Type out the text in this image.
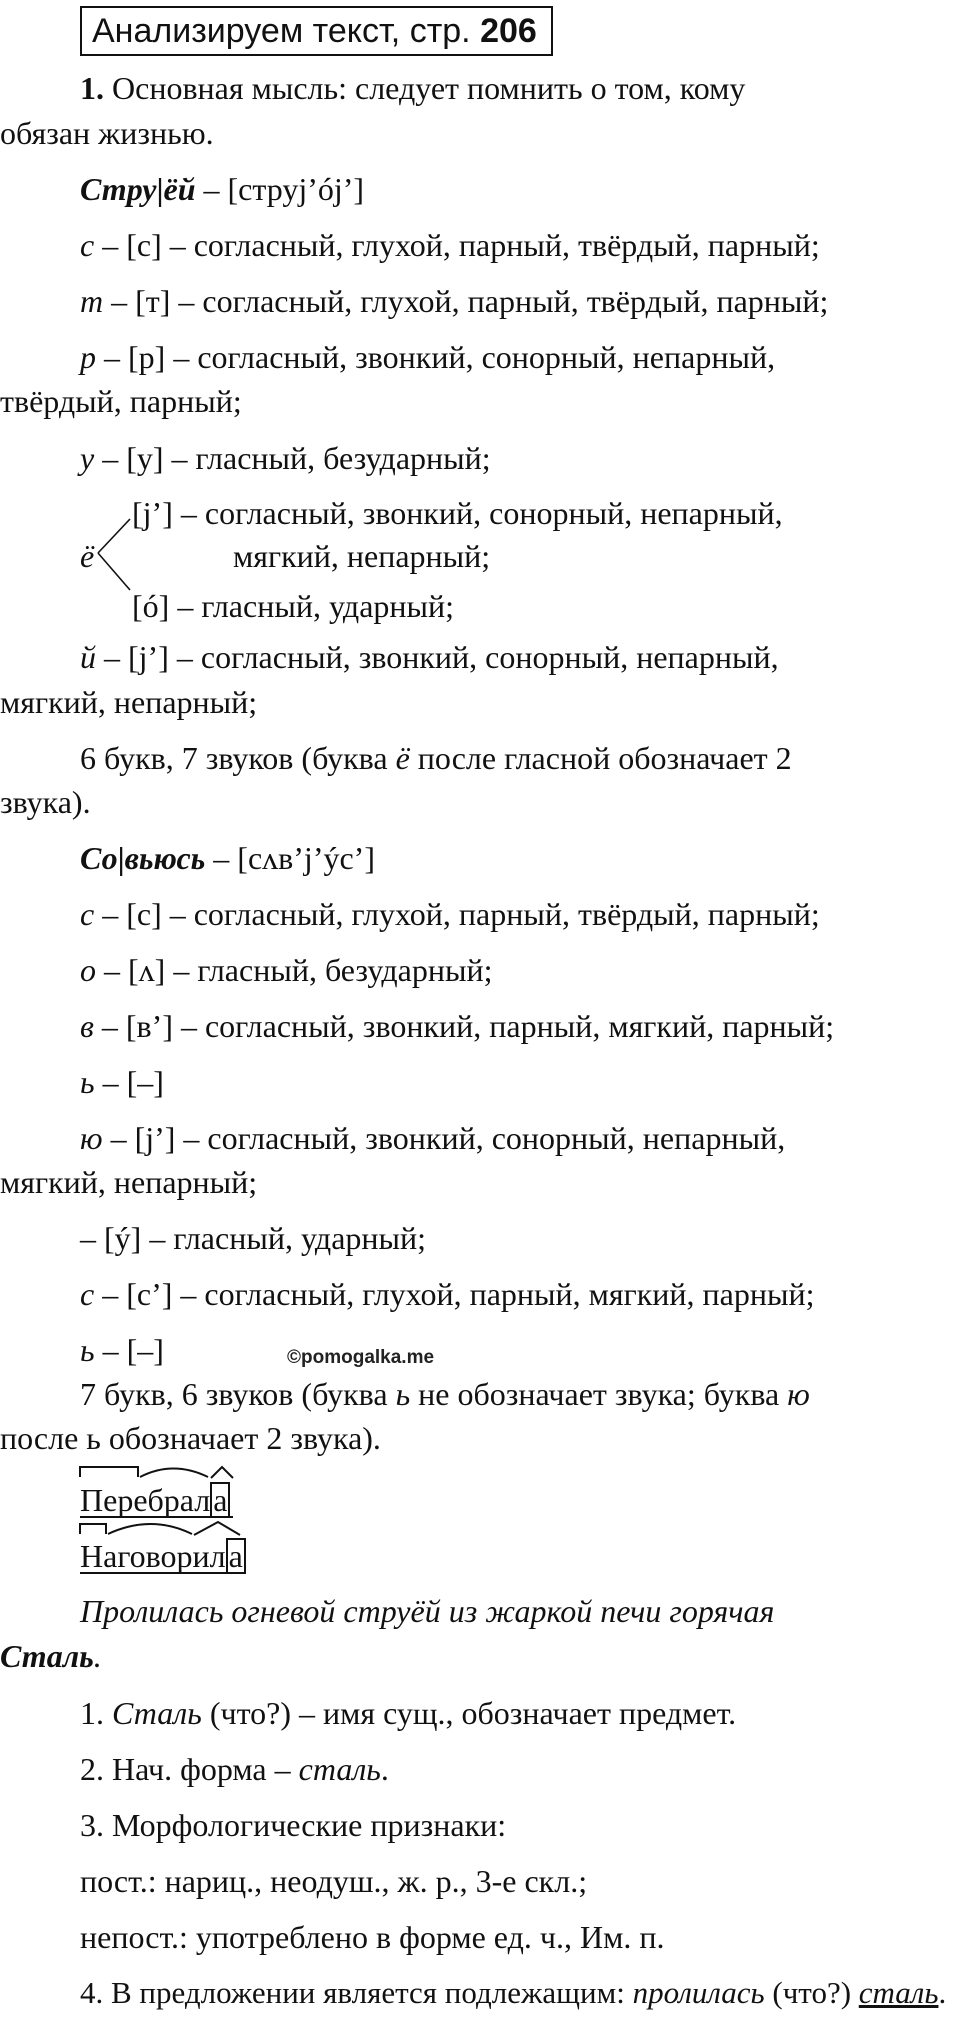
Анализируем текст, стр. 206
1. Основная мысль: следует помнить о том, кому
обязан жизнью.
Стру|ёй – [струj’ój’]
с – [с] – согласный, глухой, парный, твёрдый, парный;
т – [т] – согласный, глухой, парный, твёрдый, парный;
р – [р] – согласный, звонкий, сонорный, непарный,
твёрдый, парный;
у – [у] – гласный, безударный;
ё
[j’] – согласный, звонкий, сонорный, непарный,
мягкий, непарный;
[ó] – гласный, ударный;
й – [j’] – согласный, звонкий, сонорный, непарный,
мягкий, непарный;
6 букв, 7 звуков (буква ё после гласной обозначает 2
звука).
Со|вьюсь – [сʌв’j’ýс’]
с – [с] – согласный, глухой, парный, твёрдый, парный;
о – [ʌ] – гласный, безударный;
в – [в’] – согласный, звонкий, парный, мягкий, парный;
ь – [–]
ю – [j’] – согласный, звонкий, сонорный, непарный,
мягкий, непарный;
– [ý] – гласный, ударный;
с – [с’] – согласный, глухой, парный, мягкий, парный;
ь – [–]	©pomogalka.me
7 букв, 6 звуков (буква ь не обозначает звука; буква ю
после ь обозначает 2 звука).
Перебрала
Наговорила
Пролилась огневой струёй из жаркой печи горячая
Сталь.
1. Сталь (что?) – имя сущ., обозначает предмет.
2. Нач. форма – сталь.
3. Морфологические признаки:
пост.: нариц., неодуш., ж. р., 3-е скл.;
непост.: употреблено в форме ед. ч., Им. п.
4. В предложении является подлежащим: пролилась (что?) сталь.
